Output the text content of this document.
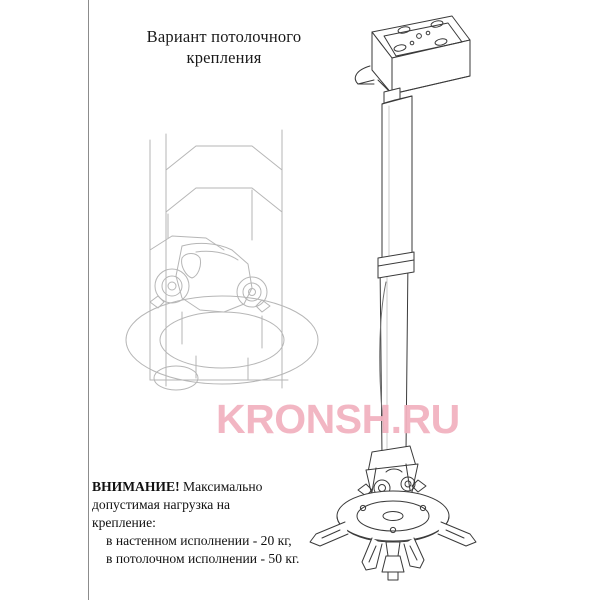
Вариант потолочного
крепления
KRONSH.RU
ВНИМАНИЕ! Максимально
допустимая нагрузка на
крепление:
в настенном исполнении - 20 кг,
в потолочном исполнении - 50 кг.
